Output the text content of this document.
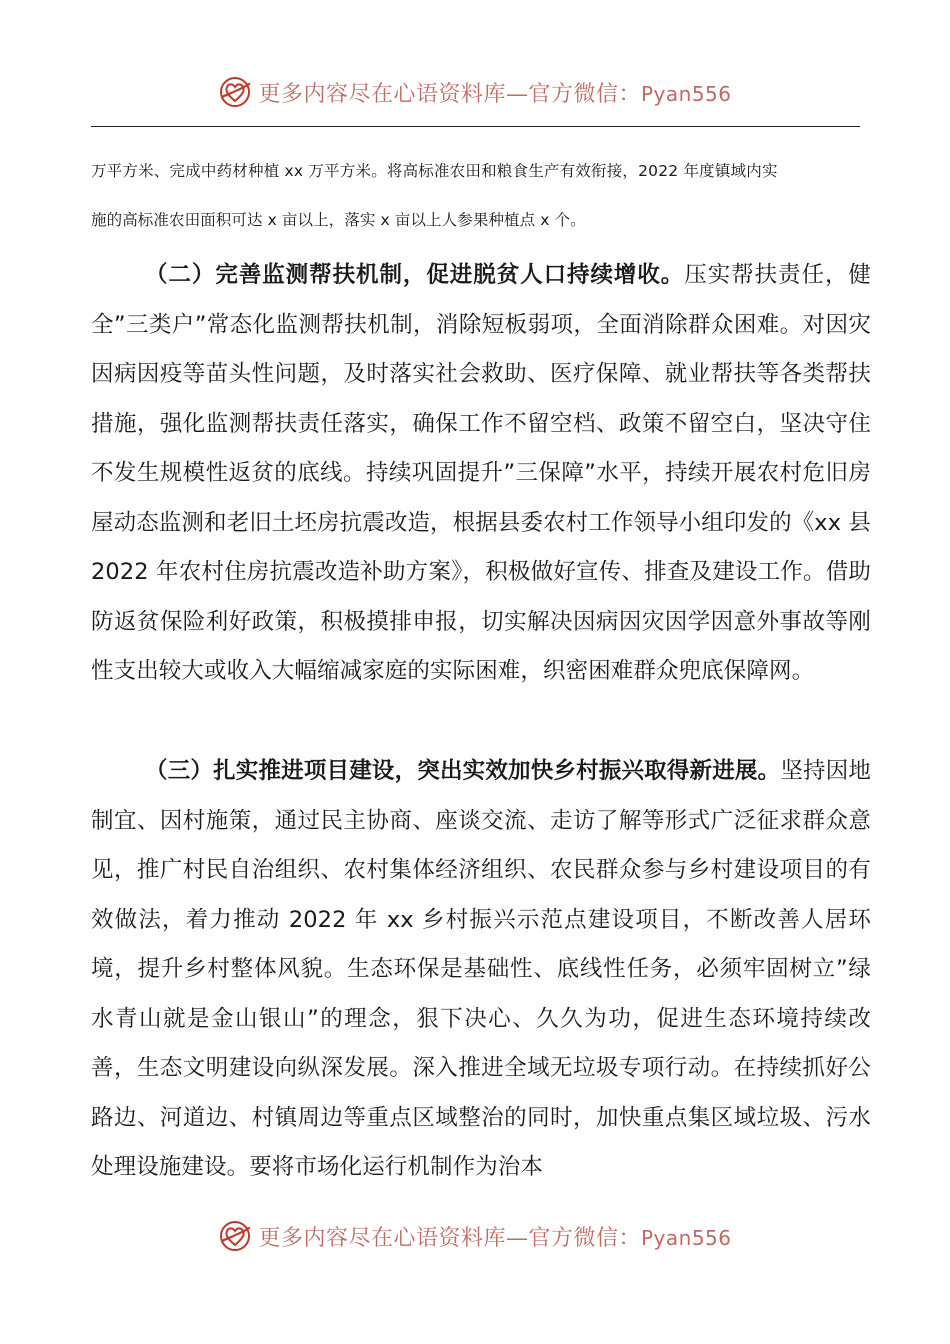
更多内容尽在心语资料库—官方微信：Pyan556

万平方米、完成中药材种植 xx 万平方米。将高标准农田和粮食生产有效衔接，2022 年度镇域内实
施的高标准农田面积可达 x 亩以上，落实 x 亩以上人参果种植点 x 个。

（二）完善监测帮扶机制，促进脱贫人口持续增收。压实帮扶责任，健全”三类户”常态化监测帮扶机制，消除短板弱项，全面消除群众困难。对因灾因病因疫等苗头性问题，及时落实社会救助、医疗保障、就业帮扶等各类帮扶措施，强化监测帮扶责任落实，确保工作不留空档、政策不留空白，坚决守住不发生规模性返贫的底线。持续巩固提升”三保障”水平，持续开展农村危旧房屋动态监测和老旧土坯房抗震改造，根据县委农村工作领导小组印发的《xx 县 2022 年农村住房抗震改造补助方案》，积极做好宣传、排查及建设工作。借助防返贫保险利好政策，积极摸排申报，切实解决因病因灾因学因意外事故等刚性支出较大或收入大幅缩减家庭的实际困难，织密困难群众兜底保障网。

（三）扎实推进项目建设，突出实效加快乡村振兴取得新进展。坚持因地制宜、因村施策，通过民主协商、座谈交流、走访了解等形式广泛征求群众意见，推广村民自治组织、农村集体经济组织、农民群众参与乡村建设项目的有效做法，着力推动 2022 年 xx 乡村振兴示范点建设项目，不断改善人居环境，提升乡村整体风貌。生态环保是基础性、底线性任务，必须牢固树立”绿水青山就是金山银山”的理念，狠下决心、久久为功，促进生态环境持续改善，生态文明建设向纵深发展。深入推进全域无垃圾专项行动。在持续抓好公路边、河道边、村镇周边等重点区域整治的同时，加快重点集区域垃圾、污水处理设施建设。要将市场化运行机制作为治本

更多内容尽在心语资料库—官方微信：Pyan556
